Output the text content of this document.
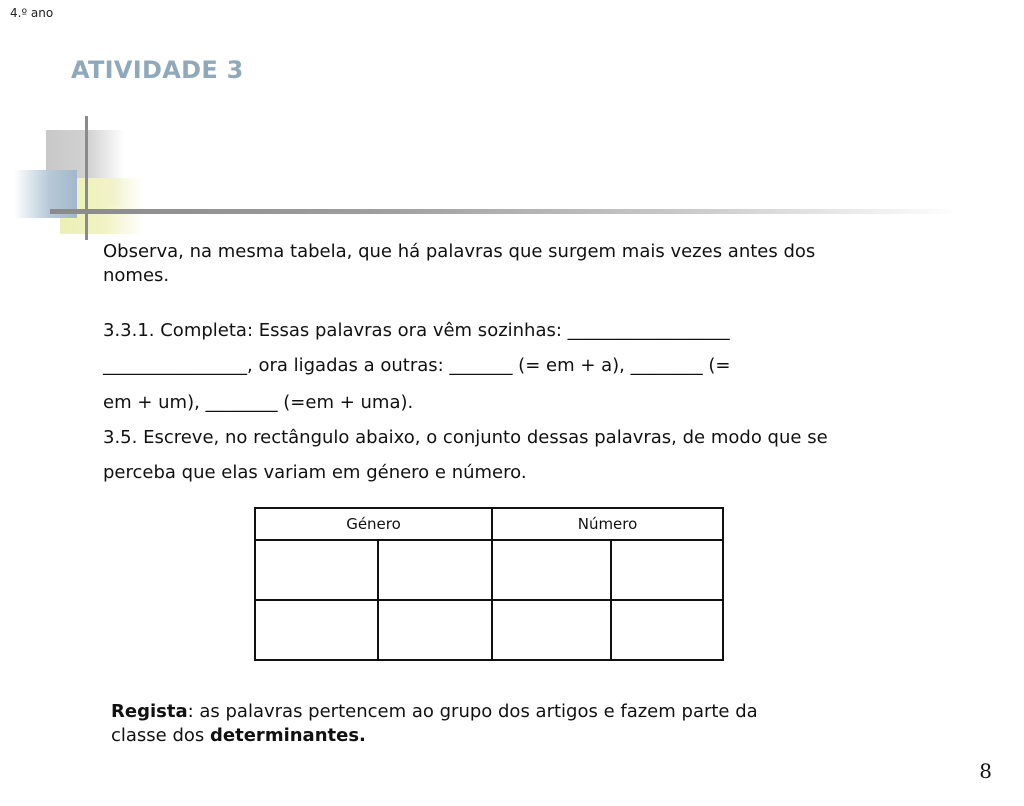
4.º ano
ATIVIDADE 3
Observa, na mesma tabela, que há palavras que surgem mais vezes antes dos
nomes.
3.3.1. Completa: Essas palavras ora vêm sozinhas: __________________
________________, ora ligadas a outras: _______ (= em + a), ________ (=
em + um), ________ (=em + uma).
3.5. Escreve, no rectângulo abaixo, o conjunto dessas palavras, de modo que se
perceba que elas variam em género e número.
Género		Número	

Regista: as palavras pertencem ao grupo dos artigos e fazem parte da
classe dos determinantes.
8
